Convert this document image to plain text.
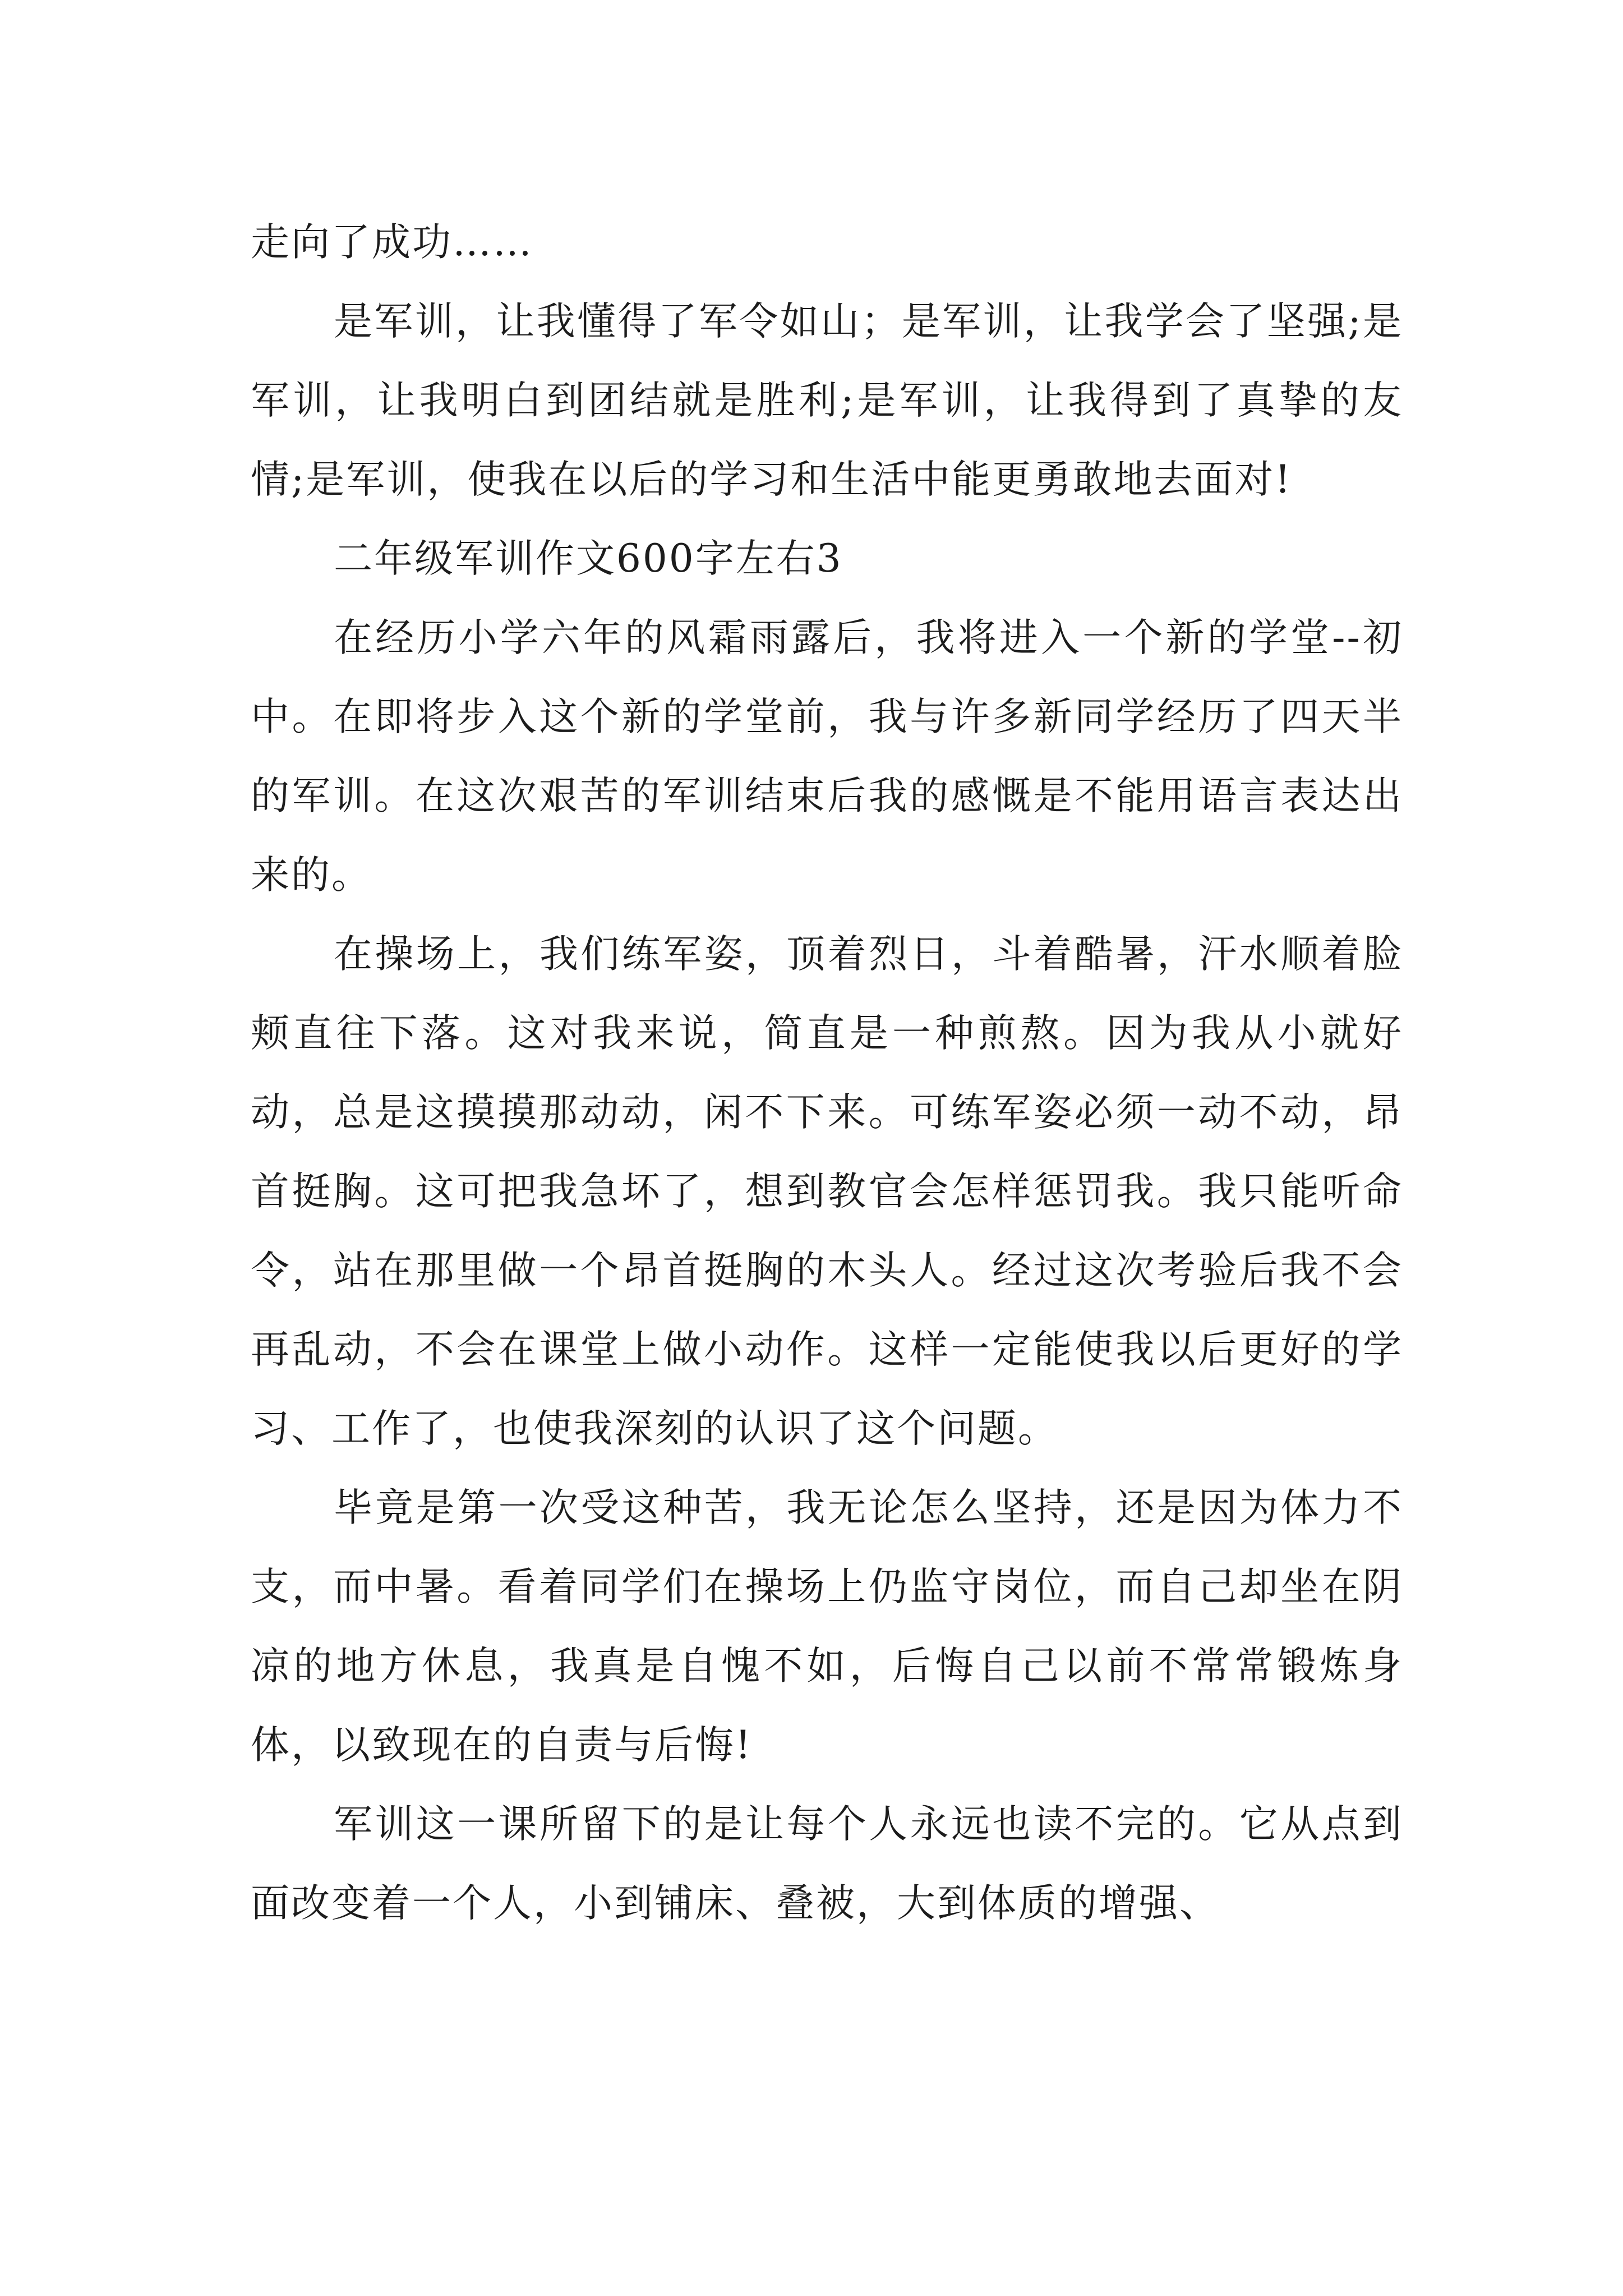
走向了成功……

是军训，让我懂得了军令如山；是军训，让我学会了坚强;是军训，让我明白到团结就是胜利;是军训，让我得到了真挚的友情;是军训，使我在以后的学习和生活中能更勇敢地去面对!

二年级军训作文600字左右3

在经历小学六年的风霜雨露后，我将进入一个新的学堂--初中。在即将步入这个新的学堂前，我与许多新同学经历了四天半的军训。在这次艰苦的军训结束后我的感慨是不能用语言表达出来的。

在操场上，我们练军姿，顶着烈日，斗着酷暑，汗水顺着脸颊直往下落。这对我来说，简直是一种煎熬。因为我从小就好动，总是这摸摸那动动，闲不下来。可练军姿必须一动不动，昂首挺胸。这可把我急坏了，想到教官会怎样惩罚我。我只能听命令，站在那里做一个昂首挺胸的木头人。经过这次考验后我不会再乱动，不会在课堂上做小动作。这样一定能使我以后更好的学习、工作了，也使我深刻的认识了这个问题。

毕竟是第一次受这种苦，我无论怎么坚持，还是因为体力不支，而中暑。看着同学们在操场上仍监守岗位，而自己却坐在阴凉的地方休息，我真是自愧不如，后悔自己以前不常常锻炼身体，以致现在的自责与后悔!

军训这一课所留下的是让每个人永远也读不完的。它从点到面改变着一个人，小到铺床、叠被，大到体质的增强、
